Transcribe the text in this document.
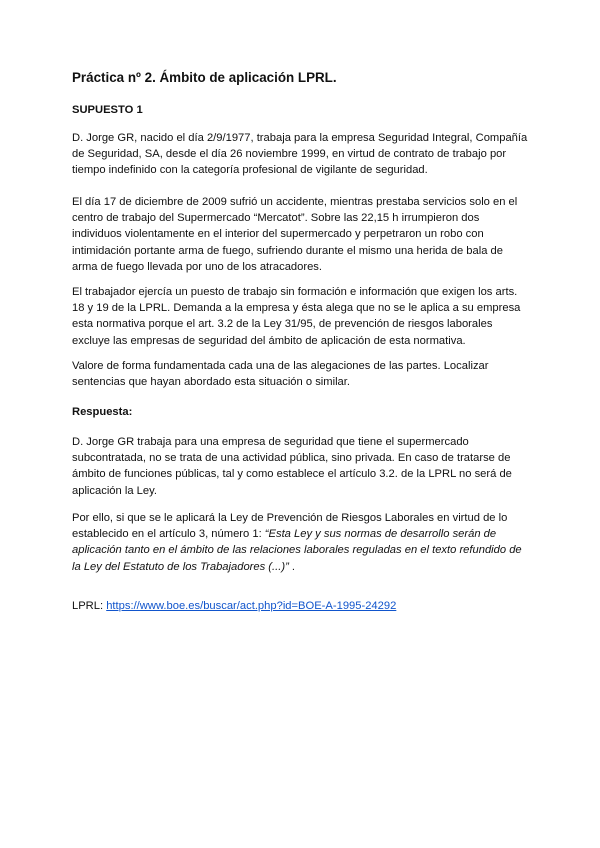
Práctica nº 2. Ámbito de aplicación LPRL.
SUPUESTO 1
D. Jorge GR, nacido el día 2/9/1977, trabaja para la empresa Seguridad Integral, Compañía
de Seguridad, SA, desde el día 26 noviembre 1999, en virtud de contrato de trabajo por
tiempo indefinido con la categoría profesional de vigilante de seguridad.
El día 17 de diciembre de 2009 sufrió un accidente, mientras prestaba servicios solo en el
centro de trabajo del Supermercado “Mercatot”. Sobre las 22,15 h irrumpieron dos
individuos violentamente en el interior del supermercado y perpetraron un robo con
intimidación portante arma de fuego, sufriendo durante el mismo una herida de bala de
arma de fuego llevada por uno de los atracadores.
El trabajador ejercía un puesto de trabajo sin formación e información que exigen los arts.
18 y 19 de la LPRL. Demanda a la empresa y ésta alega que no se le aplica a su empresa
esta normativa porque el art. 3.2 de la Ley 31/95, de prevención de riesgos laborales
excluye las empresas de seguridad del ámbito de aplicación de esta normativa.
Valore de forma fundamentada cada una de las alegaciones de las partes. Localizar
sentencias que hayan abordado esta situación o similar.
Respuesta:
D. Jorge GR trabaja para una empresa de seguridad que tiene el supermercado
subcontratada, no se trata de una actividad pública, sino privada. En caso de tratarse de
ámbito de funciones públicas, tal y como establece el artículo 3.2. de la LPRL no será de
aplicación la Ley.
Por ello, si que se le aplicará la Ley de Prevención de Riesgos Laborales en virtud de lo
establecido en el artículo 3, número 1: “Esta Ley y sus normas de desarrollo serán de
aplicación tanto en el ámbito de las relaciones laborales reguladas en el texto refundido de
la Ley del Estatuto de los Trabajadores (...)” .
LPRL: https://www.boe.es/buscar/act.php?id=BOE-A-1995-24292
